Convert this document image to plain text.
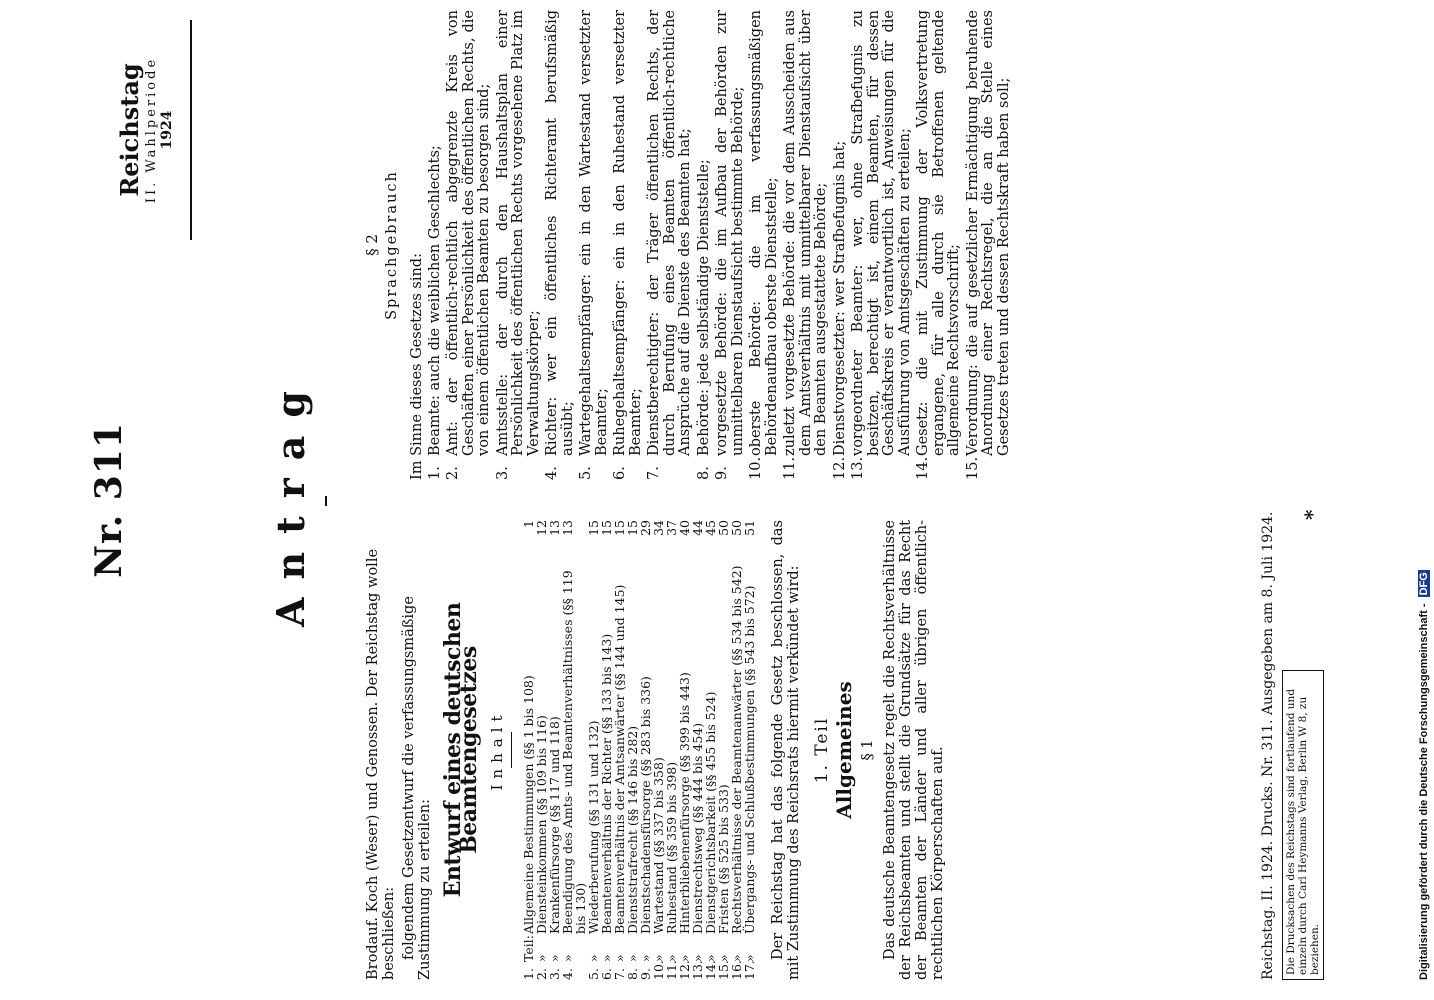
Nr. 311
Reichstag II. Wahlperiode 1924
Antrag

Brodauf. Koch (Weser) und Genossen. Der Reichstag wolle beschließen: folgendem Gesetzentwurf die verfassungsmäßige Zustimmung zu erteilen: Entwurf eines deutschen Beamtengesetzes Inhalt
1.
Teil:
Allgemeine Bestimmungen (§§ 1 bis 108)
1
2.
»
Diensteinkommen (§§ 109 bis 116)
12
3.
»
Krankenfürsorge (§§ 117 und 118)
13
4.
»
Beendigung des Amts- und Beamtenverhältnisses (§§ 119 bis 130)
13
5.
»
Wiederberufung (§§ 131 und 132)
15
6.
»
Beamtenverhältnis der Richter (§§ 133 bis 143)
15
7.
»
Beamtenverhältnis der Amtsanwärter (§§ 144 und 145)
15
8.
»
Dienststrafrecht (§§ 146 bis 282)
15
9.
»
Dienstschadensfürsorge (§§ 283 bis 336)
29
10.
»
Wartestand (§§ 337 bis 358)
34
11.
»
Ruhestand (§§ 359 bis 398)
37
12.
»
Hinterbliebenenfürsorge (§§ 399 bis 443)
40
13.
»
Dienstrechtsweg (§§ 444 bis 454)
44
14.
»
Dienstgerichtsbarkeit (§§ 455 bis 524)
45
15.
»
Fristen (§§ 525 bis 533)
50
16.
»
Rechtsverhältnisse der Beamtenanwärter (§§ 534 bis 542)
50
17.
»
Übergangs- und Schlußbestimmungen (§§ 543 bis 572)
51 Der Reichstag hat das folgende Gesetz beschlossen, das mit Zustimmung des Reichsrats hiermit verkündet wird: 1. Teil Allgemeines § 1 Das deutsche Beamtengesetz regelt die Rechtsverhältnisse der Reichsbeamten und stellt die Grundsätze für das Recht der Beamten der Länder und aller übrigen öffentlich-rechtlichen Körperschaften auf.

§ 2 Sprachgebrauch
Im Sinne dieses Gesetzes sind: 1.
Beamte: auch die weiblichen Geschlechts;
2.
Amt: der öffentlich-rechtlich abgegrenzte Kreis von Geschäften einer Persönlichkeit des öffentlichen Rechts, die von einem öffentlichen Beamten zu besorgen sind;
3.
Amtsstelle: der durch den Haushaltsplan einer Persönlichkeit des öffentlichen Rechts vorgesehene Platz im Verwaltungskörper;
4.
Richter: wer ein öffentliches Richteramt berufsmäßig ausübt;
5.
Wartegehaltsempfänger: ein in den Wartestand versetzter Beamter;
6.
Ruhegehaltsempfänger: ein in den Ruhestand versetzter Beamter;
7.
Dienstberechtigter: der Träger öffentlichen Rechts, der durch Berufung eines Beamten öffentlich-rechtliche Ansprüche auf die Dienste des Beamten hat;
8.
Behörde: jede selbständige Dienststelle;
9.
vorgesetzte Behörde: die im Aufbau der Behörden zur unmittelbaren Dienstaufsicht bestimmte Behörde;
10.
oberste Behörde: die im verfassungsmäßigen Behördenaufbau oberste Dienststelle;
11.
zuletzt vorgesetzte Behörde: die vor dem Ausscheiden aus dem Amtsverhältnis mit unmittelbarer Dienstaufsicht über den Beamten ausgestattete Behörde;
12.
Dienstvorgesetzter: wer Strafbefugnis hat;
13.
vorgeordneter Beamter: wer, ohne Strafbefugnis zu besitzen, berechtigt ist, einem Beamten, für dessen Geschäftskreis er verantwortlich ist, Anweisungen für die Ausführung von Amtsgeschäften zu erteilen;
14.
Gesetz: die mit Zustimmung der Volksvertretung ergangene, für alle durch sie Betroffenen geltende allgemeine Rechtsvorschrift;
15.
Verordnung: die auf gesetzlicher Ermächtigung beruhende Anordnung einer Rechtsregel, die an die Stelle eines Gesetzes treten und dessen Rechtskraft haben soll;
Reichstag. II. 1924. Drucks. Nr. 311. Ausgegeben am 8. Juli 1924. Die Drucksachen des Reichstags sind fortlaufend und einzeln durch Carl Heymanns Verlag, Berlin W 8, zu beziehen.
*
Digitalisierung gefördert durch die Deutsche Forschungsgemeinschaft - DFG
